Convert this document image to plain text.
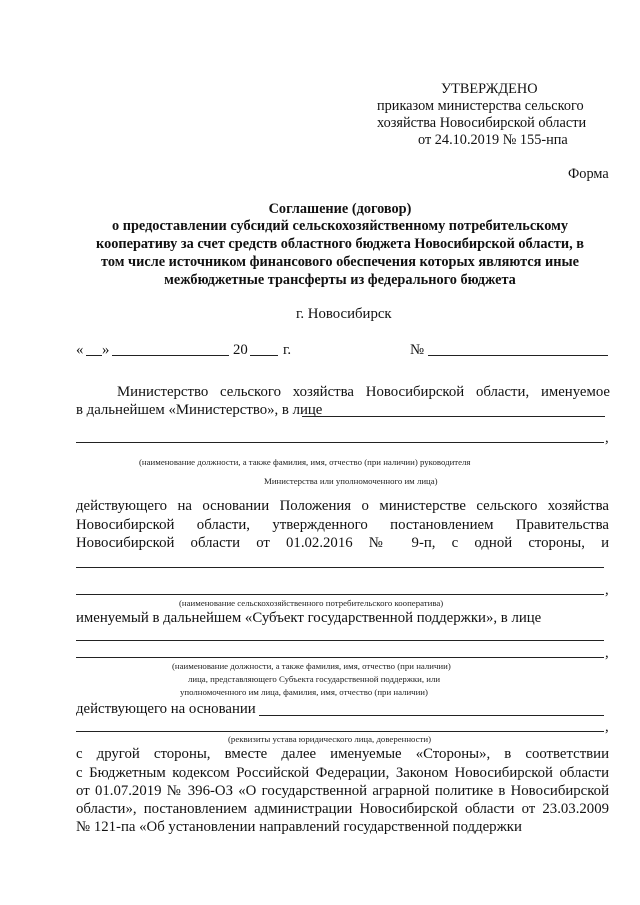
УТВЕРЖДЕНО
приказом министерства сельского
хозяйства Новосибирской области
от 24.10.2019 № 155-нпа
Форма
Соглашение (договор)
о предоставлении субсидий сельскохозяйственному потребительскому
кооперативу за счет средств областного бюджета Новосибирской области, в
том числе источником финансового обеспечения которых являются иные
межбюджетные трансферты из федерального бюджета
г. Новосибирск
« »	20 г.	№
Министерство сельского хозяйства Новосибирской области, именуемое
в дальнейшем «Министерство», в лице
,
(наименование должности, а также фамилия, имя, отчество (при наличии) руководителя
Министерства или уполномоченного им лица)
действующего на основании Положения о министерстве сельского хозяйства
Новосибирской области, утвержденного постановлением Правительства
Новосибирской области от 01.02.2016 № 9-п, с одной стороны, и
,
(наименование сельскохозяйственного потребительского кооператива)
именуемый в дальнейшем «Субъект государственной поддержки», в лице
,
(наименование должности, а также фамилия, имя, отчество (при наличии)
лица, представляющего Субъекта государственной поддержки, или
уполномоченного им лица, фамилия, имя, отчество (при наличии)
действующего на основании
,
(реквизиты устава юридического лица, доверенности)
с другой стороны, вместе далее именуемые «Стороны», в соответствии
с Бюджетным кодексом Российской Федерации, Законом Новосибирской области
от 01.07.2019 № 396-ОЗ «О государственной аграрной политике в Новосибирской
области», постановлением администрации Новосибирской области от 23.03.2009
№ 121-па «Об установлении направлений государственной поддержки
